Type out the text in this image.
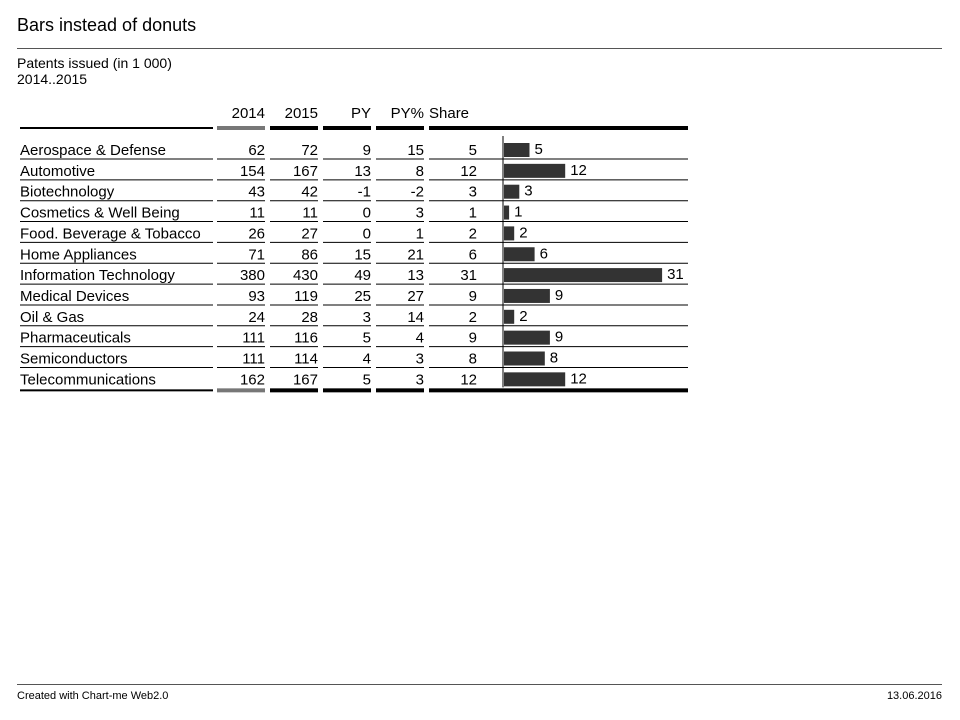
Bars instead of donuts
Patents issued (in 1 000)
2014..2015
2014 2015 PY PY% Share
Aerospace & Defense	62 72	9 15	5	5
Automotive	154 167 13	8 12	12
Biotechnology	43 42	-1	-2	3	3
Cosmetics & Well Being	11 11	0	3	1 1
Food. Beverage & Tobacco	26 27	0	1	2	2
Home Appliances	71 86 15 21	6	6
Information Technology	380 430 49 13 31	31
Medical Devices	93 119 25 27	9	9
Oil & Gas	24 28	3 14	2	2
Pharmaceuticals	111 116	5	4	9	9
Semiconductors	111 114	4	3	8	8
Telecommunications	162 167	5	3 12	12
Created with Chart-me Web2.0	13.06.2016
